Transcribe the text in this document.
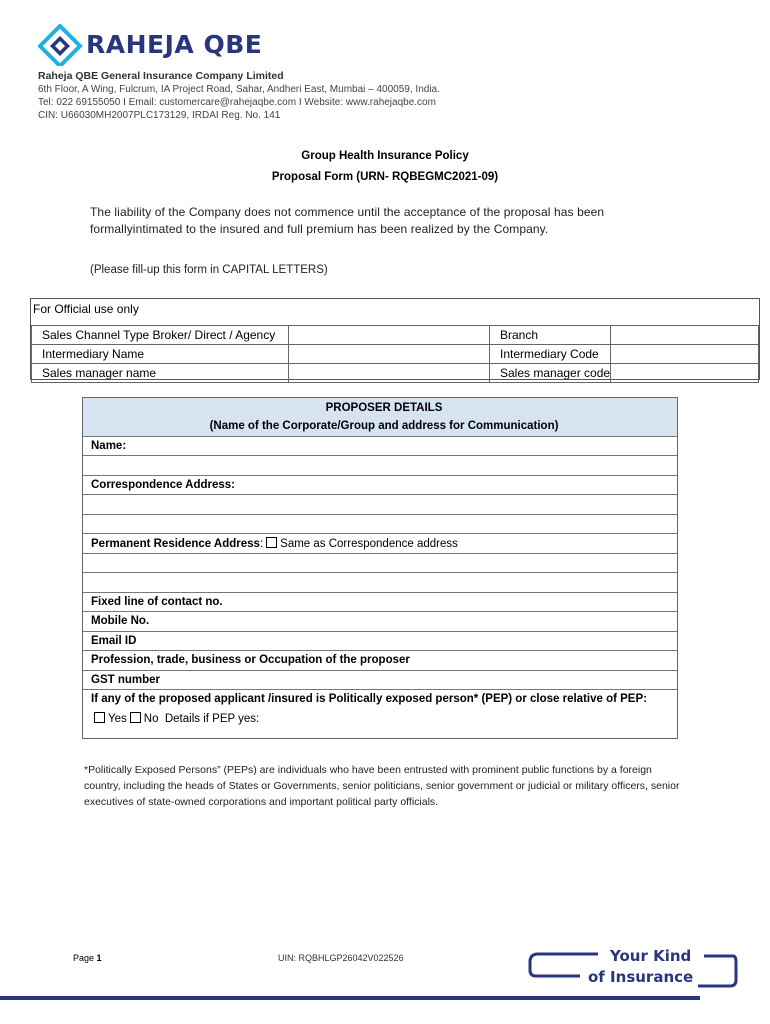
RAHEJA QBE
Raheja QBE General Insurance Company Limited
6th Floor, A Wing, Fulcrum, IA Project Road, Sahar, Andheri East, Mumbai – 400059, India.
Tel: 022 69155050 I Email: customercare@rahejaqbe.com I Website: www.rahejaqbe.com
CIN: U66030MH2007PLC173129, IRDAI Reg. No. 141
Group Health Insurance Policy
Proposal Form (URN- RQBEGMC2021-09)
The liability of the Company does not commence until the acceptance of the proposal has been formallyintimated to the insured and full premium has been realized by the Company.
(Please fill-up this form in CAPITAL LETTERS)
For Official use only
Sales Channel Type Broker/ Direct / Agency		Branch	
Intermediary Name		Intermediary Code	
Sales manager name		Sales manager code	
PROPOSER DETAILS
(Name of the Corporate/Group and address for Communication)
Name:

Correspondence Address:

Permanent Residence Address: Same as Correspondence address

Fixed line of contact no.
Mobile No.
Email ID
Profession, trade, business or Occupation of the proposer
GST number
If any of the proposed applicant /insured is Politically exposed person* (PEP) or close relative of PEP:
Yes No Details if PEP yes:
*Politically Exposed Persons” (PEPs) are individuals who have been entrusted with prominent public functions by a foreign country, including the heads of States or Governments, senior politicians, senior government or judicial or military officers, senior executives of state-owned corporations and important political party officials.
Page 1	UIN: RQBHLGP26042V022526	Your Kind
of Insurance
